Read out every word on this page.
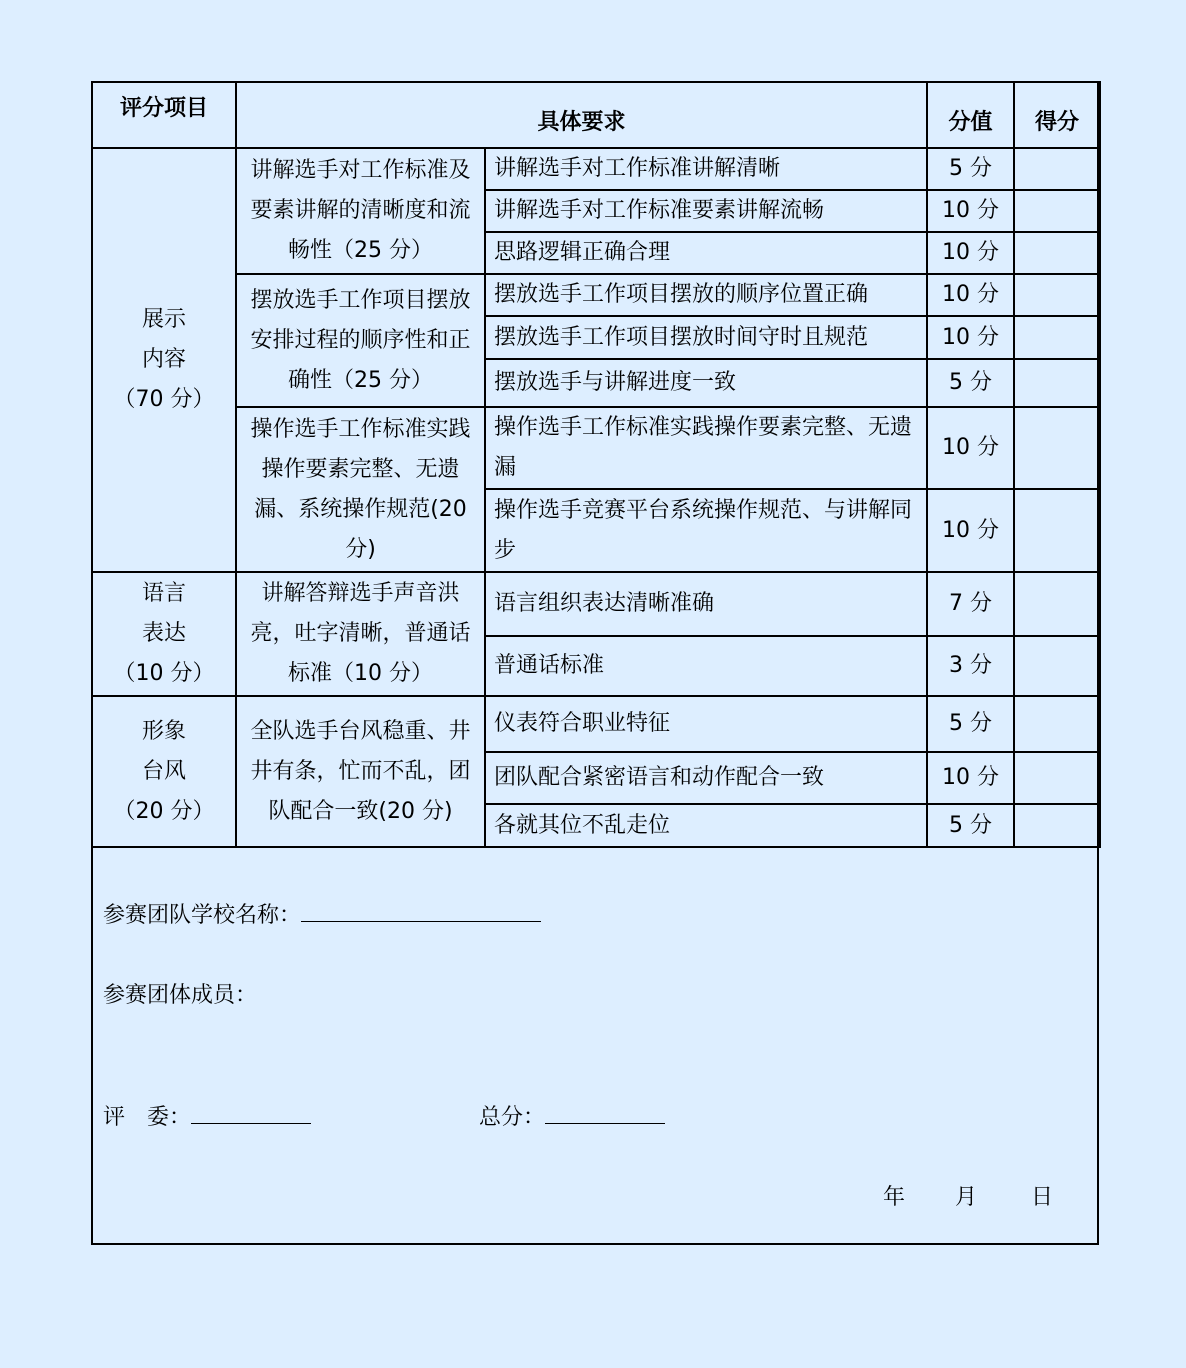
评分项目	具体要求		分值	得分

展示
内容
（70 分）	讲解选手对工作标准及要素讲解的清晰度和流畅性（25 分）	讲解选手对工作标准讲解清晰	5 分	
		讲解选手对工作标准要素讲解流畅	10 分	
		思路逻辑正确合理	10 分	
	摆放选手工作项目摆放安排过程的顺序性和正确性（25 分）	摆放选手工作项目摆放的顺序位置正确	10 分	
		摆放选手工作项目摆放时间守时且规范	10 分	
		摆放选手与讲解进度一致	5 分	
	操作选手工作标准实践操作要素完整、无遗漏、系统操作规范(20 分)	操作选手工作标准实践操作要素完整、无遗漏	10 分	
		操作选手竞赛平台系统操作规范、与讲解同步	10 分	

语言
表达
（10 分）	讲解答辩选手声音洪亮，吐字清晰，普通话标准（10 分）	语言组织表达清晰准确	7 分	
		普通话标准	3 分	

形象
台风
（20 分）	全队选手台风稳重、井井有条，忙而不乱，团队配合一致(20 分)	仪表符合职业特征	5 分	
		团队配合紧密语言和动作配合一致	10 分	
		各就其位不乱走位	5 分	
参赛团队学校名称：
参赛团体成员：
评　委：	总分：
年 月 日
